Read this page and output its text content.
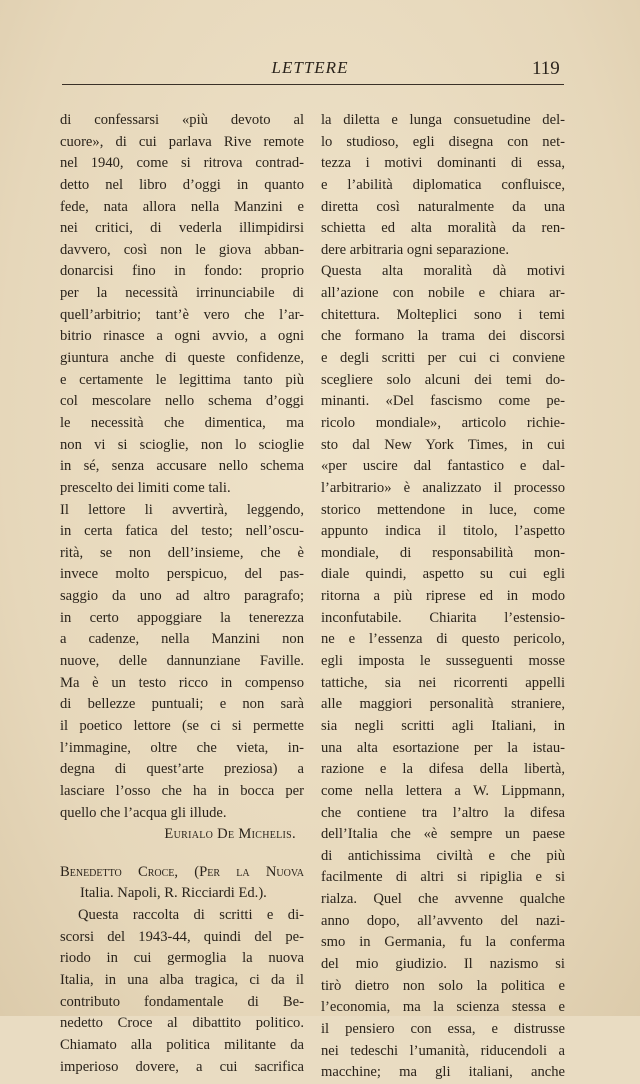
LETTERE	119
di confessarsi «più devoto al
cuore», di cui parlava Rive remote
nel 1940, come si ritrova contrad-
detto nel libro d’oggi in quanto
fede, nata allora nella Manzini e
nei critici, di vederla illimpidirsi
davvero, così non le giova abban-
donarcisi fino in fondo: proprio
per la necessità irrinunciabile di
quell’arbitrio; tant’è vero che l’ar-
bitrio rinasce a ogni avvio, a ogni
giuntura anche di queste confidenze,
e certamente le legittima tanto più
col mescolare nello schema d’oggi
le necessità che dimentica, ma
non vi si scioglie, non lo scioglie
in sé, senza accusare nello schema
prescelto dei limiti come tali.
Il lettore li avvertirà, leggendo,
in certa fatica del testo; nell’oscu-
rità, se non dell’insieme, che è
invece molto perspicuo, del pas-
saggio da uno ad altro paragrafo;
in certo appoggiare la tenerezza
a cadenze, nella Manzini non
nuove, delle dannunziane Faville.
Ma è un testo ricco in compenso
di bellezze puntuali; e non sarà
il poetico lettore (se ci si permette
l’immagine, oltre che vieta, in-
degna di quest’arte preziosa) a
lasciare l’osso che ha in bocca per
quello che l’acqua gli illude.
Eurialo De Michelis.
Benedetto Croce, (Per la Nuova
Italia. Napoli, R. Ricciardi Ed.).
Questa raccolta di scritti e di-
scorsi del 1943-44, quindi del pe-
riodo in cui germoglia la nuova
Italia, in una alba tragica, ci da il
contributo fondamentale di Be-
nedetto Croce al dibattito politico.
Chiamato alla politica militante da
imperioso dovere, a cui sacrifica
la diletta e lunga consuetudine del-
lo studioso, egli disegna con net-
tezza i motivi dominanti di essa,
e l’abilità diplomatica confluisce,
diretta così naturalmente da una
schietta ed alta moralità da ren-
dere arbitraria ogni separazione.
Questa alta moralità dà motivi
all’azione con nobile e chiara ar-
chitettura. Molteplici sono i temi
che formano la trama dei discorsi
e degli scritti per cui ci conviene
scegliere solo alcuni dei temi do-
minanti. «Del fascismo come pe-
ricolo mondiale», articolo richie-
sto dal New York Times, in cui
«per uscire dal fantastico e dal-
l’arbitrario» è analizzato il processo
storico mettendone in luce, come
appunto indica il titolo, l’aspetto
mondiale, di responsabilità mon-
diale quindi, aspetto su cui egli
ritorna a più riprese ed in modo
inconfutabile. Chiarita l’estensio-
ne e l’essenza di questo pericolo,
egli imposta le susseguenti mosse
tattiche, sia nei ricorrenti appelli
alle maggiori personalità straniere,
sia negli scritti agli Italiani, in
una alta esortazione per la istau-
razione e la difesa della libertà,
come nella lettera a W. Lippmann,
che contiene tra l’altro la difesa
dell’Italia che «è sempre un paese
di antichissima civiltà e che più
facilmente di altri si ripiglia e si
rialza. Quel che avvenne qualche
anno dopo, all’avvento del nazi-
smo in Germania, fu la conferma
del mio giudizio. Il nazismo si
tirò dietro non solo la politica e
l’economia, ma la scienza stessa e
il pensiero con essa, e distrusse
nei tedeschi l’umanità, riducendoli a
macchine; ma gli italiani, anche
